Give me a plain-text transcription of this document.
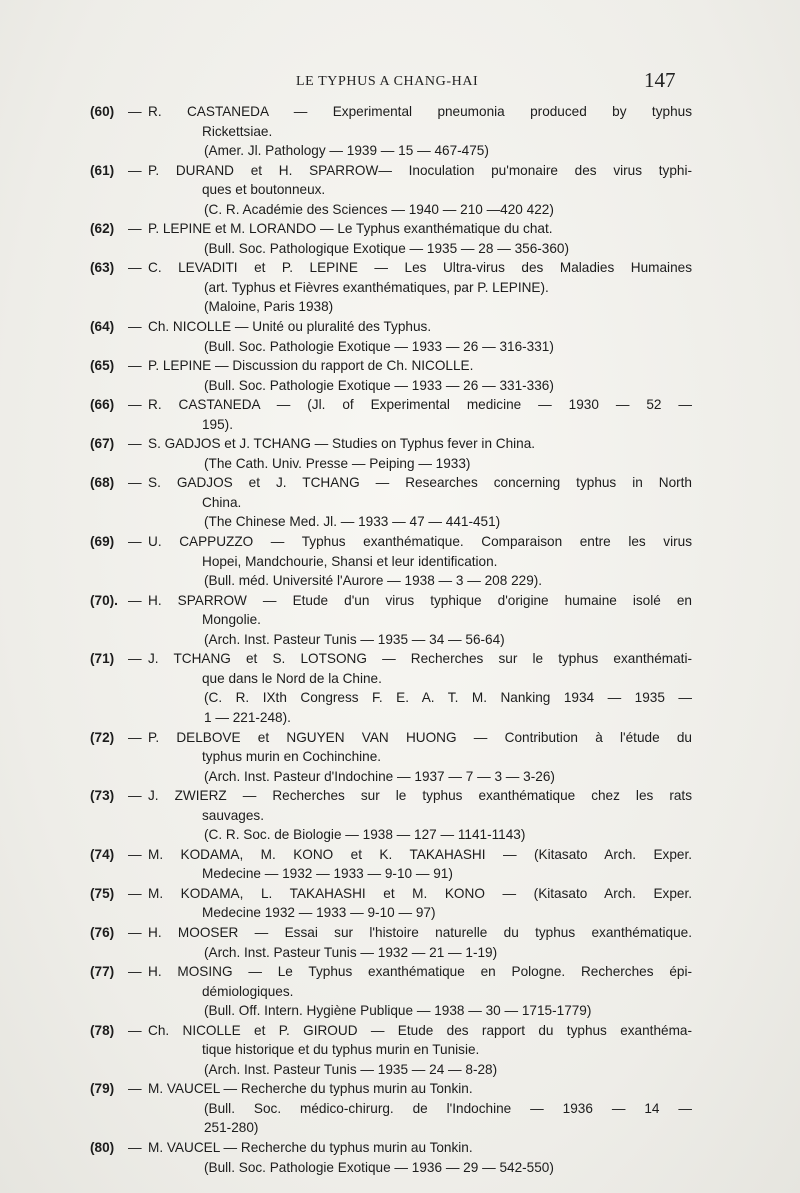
LE TYPHUS A CHANG-HAI	147
(60) — R. CASTANEDA — Experimental pneumonia produced by typhus
Rickettsiae.
(Amer. Jl. Pathology — 1939 — 15 — 467-475)
(61) — P. DURAND et H. SPARROW— Inoculation pu'monaire des virus typhi-
ques et boutonneux.
(C. R. Académie des Sciences — 1940 — 210 —420 422)
(62) — P. LEPINE et M. LORANDO — Le Typhus exanthématique du chat.
(Bull. Soc. Pathologique Exotique — 1935 — 28 — 356-360)
(63) — C. LEVADITI et P. LEPINE — Les Ultra-virus des Maladies Humaines
(art. Typhus et Fièvres exanthématiques, par P. LEPINE).
(Maloine, Paris 1938)
(64) — Ch. NICOLLE — Unité ou pluralité des Typhus.
(Bull. Soc. Pathologie Exotique — 1933 — 26 — 316-331)
(65) — P. LEPINE — Discussion du rapport de Ch. NICOLLE.
(Bull. Soc. Pathologie Exotique — 1933 — 26 — 331-336)
(66) — R. CASTANEDA — (Jl. of Experimental medicine — 1930 — 52 —
195).
(67) — S. GADJOS et J. TCHANG — Studies on Typhus fever in China.
(The Cath. Univ. Presse — Peiping — 1933)
(68) — S. GADJOS et J. TCHANG — Researches concerning typhus in North
China.
(The Chinese Med. Jl. — 1933 — 47 — 441-451)
(69) — U. CAPPUZZO — Typhus exanthématique. Comparaison entre les virus
Hopei, Mandchourie, Shansi et leur identification.
(Bull. méd. Université l'Aurore — 1938 — 3 — 208 229).
(70). — H. SPARROW — Etude d'un virus typhique d'origine humaine isolé en
Mongolie.
(Arch. Inst. Pasteur Tunis — 1935 — 34 — 56-64)
(71) — J. TCHANG et S. LOTSONG — Recherches sur le typhus exanthémati-
que dans le Nord de la Chine.
(C. R. IXth Congress F. E. A. T. M. Nanking 1934 — 1935 —
1 — 221-248).
(72) — P. DELBOVE et NGUYEN VAN HUONG — Contribution à l'étude du
typhus murin en Cochinchine.
(Arch. Inst. Pasteur d'Indochine — 1937 — 7 — 3 — 3-26)
(73) — J. ZWIERZ — Recherches sur le typhus exanthématique chez les rats
sauvages.
(C. R. Soc. de Biologie — 1938 — 127 — 1141-1143)
(74) — M. KODAMA, M. KONO et K. TAKAHASHI — (Kitasato Arch. Exper.
Medecine — 1932 — 1933 — 9-10 — 91)
(75) — M. KODAMA, L. TAKAHASHI et M. KONO — (Kitasato Arch. Exper.
Medecine 1932 — 1933 — 9-10 — 97)
(76) — H. MOOSER — Essai sur l'histoire naturelle du typhus exanthématique.
(Arch. Inst. Pasteur Tunis — 1932 — 21 — 1-19)
(77) — H. MOSING — Le Typhus exanthématique en Pologne. Recherches épi-
démiologiques.
(Bull. Off. Intern. Hygiène Publique — 1938 — 30 — 1715-1779)
(78) — Ch. NICOLLE et P. GIROUD — Etude des rapport du typhus exanthéma-
tique historique et du typhus murin en Tunisie.
(Arch. Inst. Pasteur Tunis — 1935 — 24 — 8-28)
(79) — M. VAUCEL — Recherche du typhus murin au Tonkin.
(Bull. Soc. médico-chirurg. de l'Indochine — 1936 — 14 —
251-280)
(80) — M. VAUCEL — Recherche du typhus murin au Tonkin.
(Bull. Soc. Pathologie Exotique — 1936 — 29 — 542-550)
